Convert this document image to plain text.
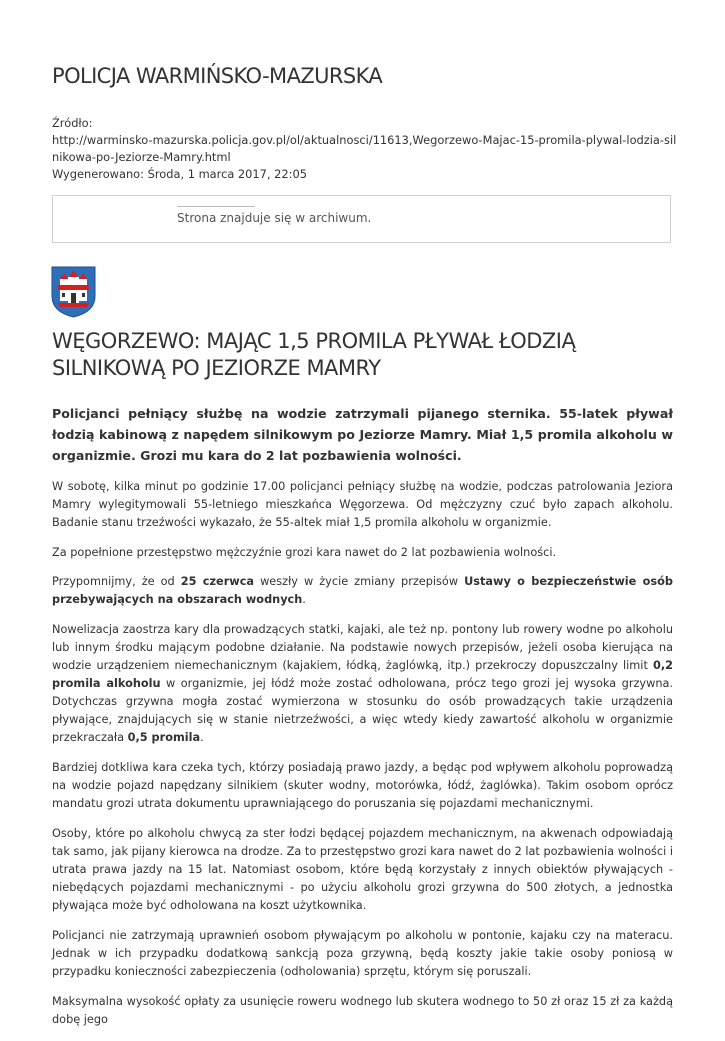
POLICJA WARMIŃSKO-MAZURSKA
Źródło:
http://warminsko-mazurska.policja.gov.pl/ol/aktualnosci/11613,Wegorzewo-Majac-15-promila-plywal-lodzia-silnikowa-po-Jeziorze-Mamry.html
Wygenerowano: Środa, 1 marca 2017, 22:05
Strona znajduje się w archiwum.
WĘGORZEWO: MAJĄC 1,5 PROMILA PŁYWAŁ ŁODZIĄ SILNIKOWĄ PO JEZIORZE MAMRY

Policjanci pełniący służbę na wodzie zatrzymali pijanego sternika. 55-latek pływał łodzią kabinową z napędem silnikowym po Jeziorze Mamry. Miał 1,5 promila alkoholu w organizmie. Grozi mu kara do 2 lat pozbawienia wolności.

W sobotę, kilka minut po godzinie 17.00 policjanci pełniący służbę na wodzie, podczas patrolowania Jeziora Mamry wylegitymowali 55-letniego mieszkańca Węgorzewa. Od mężczyzny czuć było zapach alkoholu. Badanie stanu trzeźwości wykazało, że 55-altek miał 1,5 promila alkoholu w organizmie.

Za popełnione przestępstwo mężczyźnie grozi kara nawet do 2 lat pozbawienia wolności.

Przypomnijmy, że od 25 czerwca weszły w życie zmiany przepisów Ustawy o bezpieczeństwie osób przebywających na obszarach wodnych.

Nowelizacja zaostrza kary dla prowadzących statki, kajaki, ale też np. pontony lub rowery wodne po alkoholu lub innym środku mającym podobne działanie. Na podstawie nowych przepisów, jeżeli osoba kierująca na wodzie urządzeniem niemechanicznym (kajakiem, łódką, żaglówką, itp.) przekroczy dopuszczalny limit 0,2 promila alkoholu w organizmie, jej łódź może zostać odholowana, prócz tego grozi jej wysoka grzywna. Dotychczas grzywna mogła zostać wymierzona w stosunku do osób prowadzących takie urządzenia pływające, znajdujących się w stanie nietrzeźwości, a więc wtedy kiedy zawartość alkoholu w organizmie przekraczała 0,5 promila.

Bardziej dotkliwa kara czeka tych, którzy posiadają prawo jazdy, a będąc pod wpływem alkoholu poprowadzą na wodzie pojazd napędzany silnikiem (skuter wodny, motorówka, łódź, żaglówka). Takim osobom oprócz mandatu grozi utrata dokumentu uprawniającego do poruszania się pojazdami mechanicznymi.

Osoby, które po alkoholu chwycą za ster łodzi będącej pojazdem mechanicznym, na akwenach odpowiadają tak samo, jak pijany kierowca na drodze. Za to przestępstwo grozi kara nawet do 2 lat pozbawienia wolności i utrata prawa jazdy na 15 lat. Natomiast osobom, które będą korzystały z innych obiektów pływających - niebędących pojazdami mechanicznymi - po użyciu alkoholu grozi grzywna do 500 złotych, a jednostka pływająca może być odholowana na koszt użytkownika.

Policjanci nie zatrzymają uprawnień osobom pływającym po alkoholu w pontonie, kajaku czy na materacu. Jednak w ich przypadku dodatkową sankcją poza grzywną, będą koszty jakie takie osoby poniosą w przypadku konieczności zabezpieczenia (odholowania) sprzętu, którym się poruszali.

Maksymalna wysokość opłaty za usunięcie roweru wodnego lub skutera wodnego to 50 zł oraz 15 zł za każdą dobę jego
